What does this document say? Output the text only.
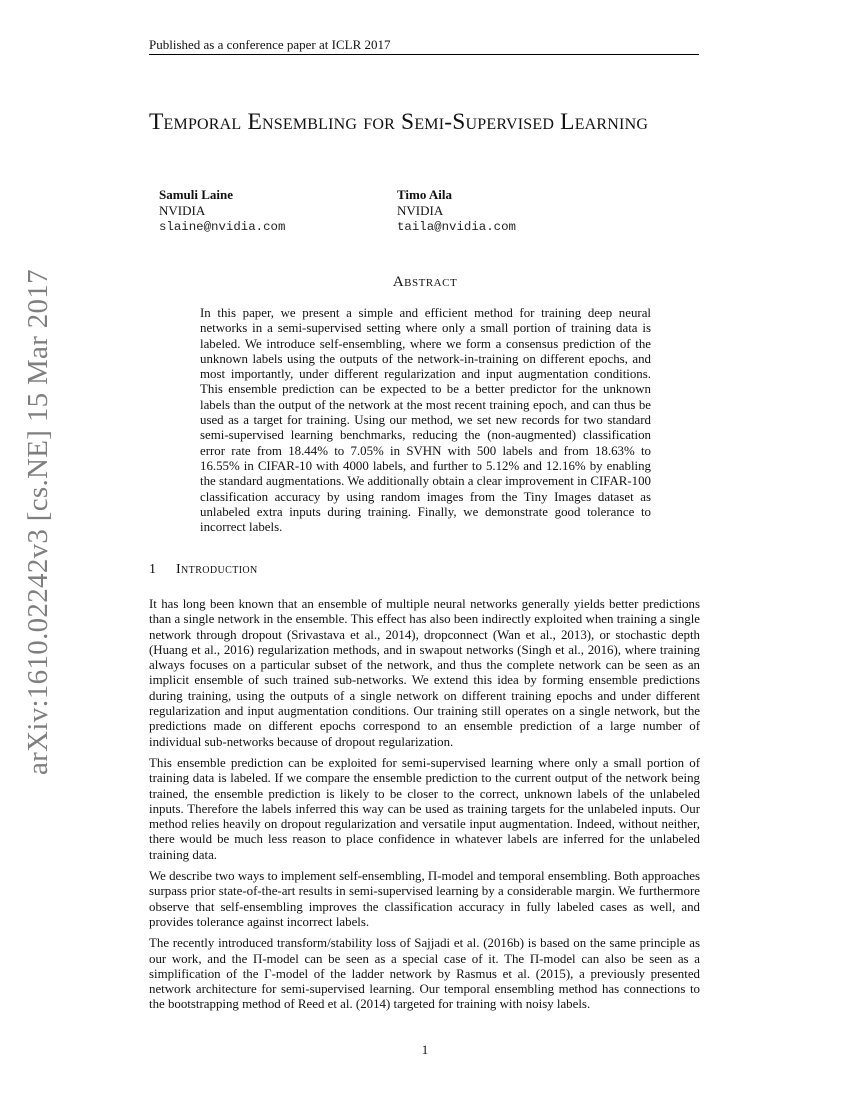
Published as a conference paper at ICLR 2017
Temporal Ensembling for Semi-Supervised Learning
Samuli Laine
NVIDIA
slaine@nvidia.com
Timo Aila
NVIDIA
taila@nvidia.com
Abstract

In this paper, we present a simple and efficient method for training deep neural networks in a semi-supervised setting where only a small portion of training data is labeled. We introduce self-ensembling, where we form a consensus prediction of the unknown labels using the outputs of the network-in-training on different epochs, and most importantly, under different regularization and input augmentation conditions. This ensemble prediction can be expected to be a better predictor for the unknown labels than the output of the network at the most recent training epoch, and can thus be used as a target for training. Using our method, we set new records for two standard semi-supervised learning benchmarks, reducing the (non-augmented) classification error rate from 18.44% to 7.05% in SVHN with 500 labels and from 18.63% to 16.55% in CIFAR-10 with 4000 labels, and further to 5.12% and 12.16% by enabling the standard augmentations. We additionally obtain a clear improvement in CIFAR-100 classification accuracy by using random images from the Tiny Images dataset as unlabeled extra inputs during training. Finally, we demonstrate good tolerance to incorrect labels.

1 Introduction

It has long been known that an ensemble of multiple neural networks generally yields better predictions than a single network in the ensemble. This effect has also been indirectly exploited when training a single network through dropout (Srivastava et al., 2014), dropconnect (Wan et al., 2013), or stochastic depth (Huang et al., 2016) regularization methods, and in swapout networks (Singh et al., 2016), where training always focuses on a particular subset of the network, and thus the complete network can be seen as an implicit ensemble of such trained sub-networks. We extend this idea by forming ensemble predictions during training, using the outputs of a single network on different training epochs and under different regularization and input augmentation conditions. Our training still operates on a single network, but the predictions made on different epochs correspond to an ensemble prediction of a large number of individual sub-networks because of dropout regularization.

This ensemble prediction can be exploited for semi-supervised learning where only a small portion of training data is labeled. If we compare the ensemble prediction to the current output of the network being trained, the ensemble prediction is likely to be closer to the correct, unknown labels of the unlabeled inputs. Therefore the labels inferred this way can be used as training targets for the unlabeled inputs. Our method relies heavily on dropout regularization and versatile input augmentation. Indeed, without neither, there would be much less reason to place confidence in whatever labels are inferred for the unlabeled training data.

We describe two ways to implement self-ensembling, Π-model and temporal ensembling. Both approaches surpass prior state-of-the-art results in semi-supervised learning by a considerable margin. We furthermore observe that self-ensembling improves the classification accuracy in fully labeled cases as well, and provides tolerance against incorrect labels.

The recently introduced transform/stability loss of Sajjadi et al. (2016b) is based on the same principle as our work, and the Π-model can be seen as a special case of it. The Π-model can also be seen as a simplification of the Γ-model of the ladder network by Rasmus et al. (2015), a previously presented network architecture for semi-supervised learning. Our temporal ensembling method has connections to the bootstrapping method of Reed et al. (2014) targeted for training with noisy labels.

arXiv:1610.02242v3 [cs.NE] 15 Mar 2017
1
